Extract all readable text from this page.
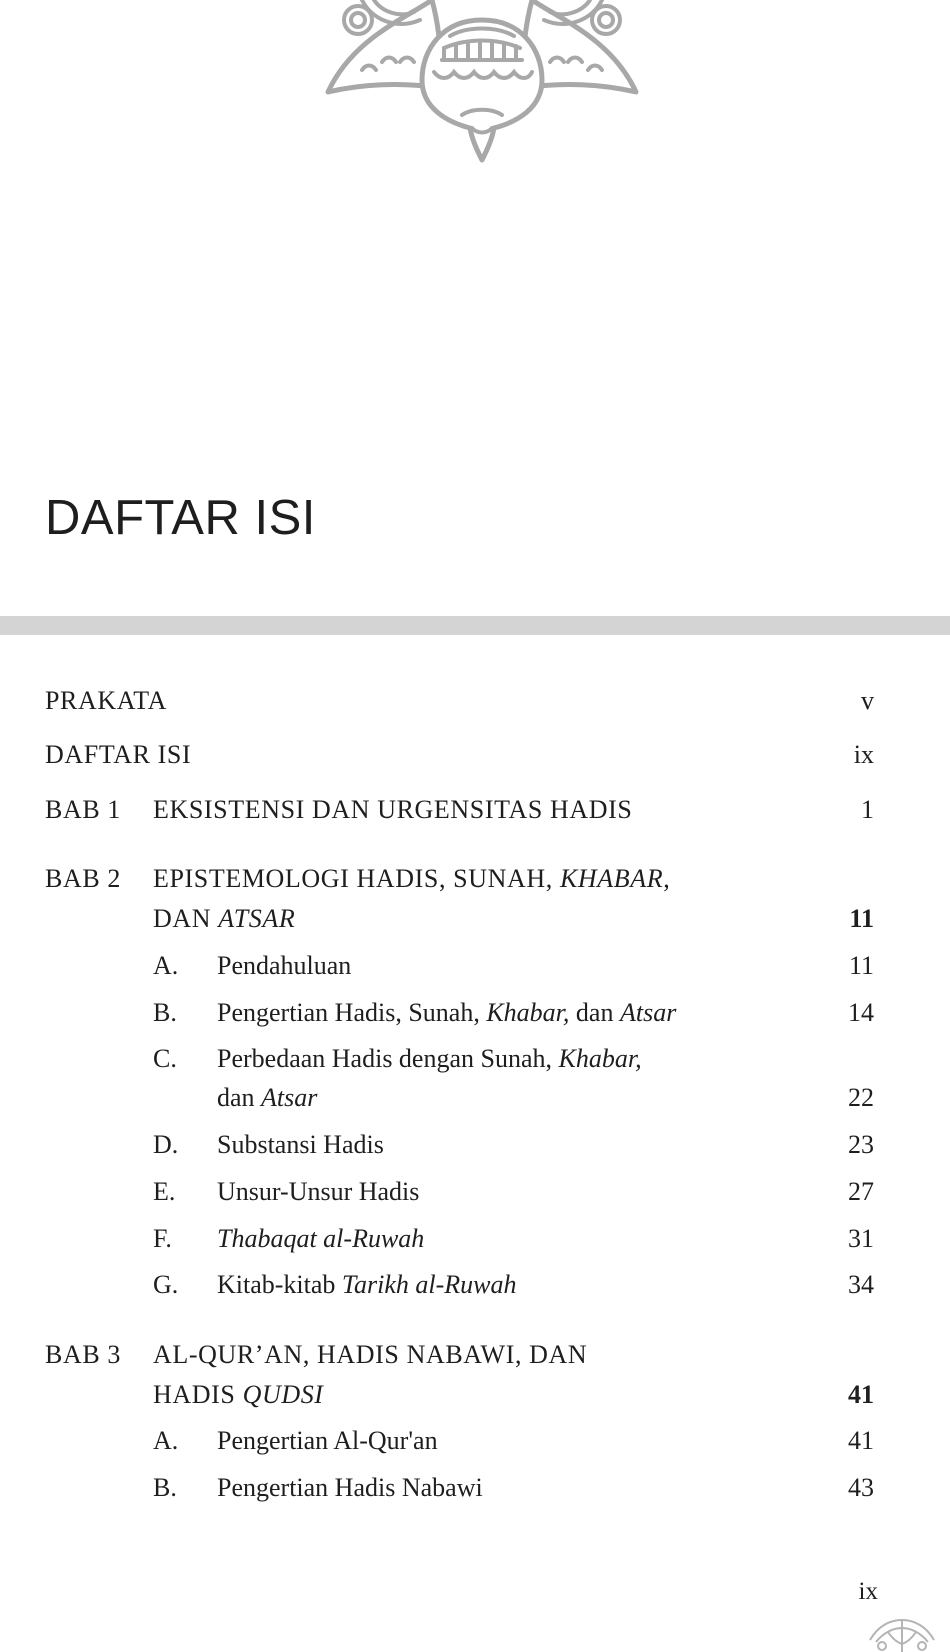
DAFTAR ISI
PRAKATA	v
DAFTAR ISI	ix
BAB 1 EKSISTENSI DAN URGENSITAS HADIS	1
BAB 2 EPISTEMOLOGI HADIS, SUNAH, KHABAR,
DAN ATSAR	11
A. Pendahuluan	11
B. Pengertian Hadis, Sunah, Khabar, dan Atsar	14
C. Perbedaan Hadis dengan Sunah, Khabar,
dan Atsar	22
D. Substansi Hadis	23
E. Unsur-Unsur Hadis	27
F. Thabaqat al-Ruwah	31
G. Kitab-kitab Tarikh al-Ruwah	34
BAB 3 AL-QUR’AN, HADIS NABAWI, DAN
HADIS QUDSI	41
A. Pengertian Al-Qur'an	41
B. Pengertian Hadis Nabawi	43
ix
